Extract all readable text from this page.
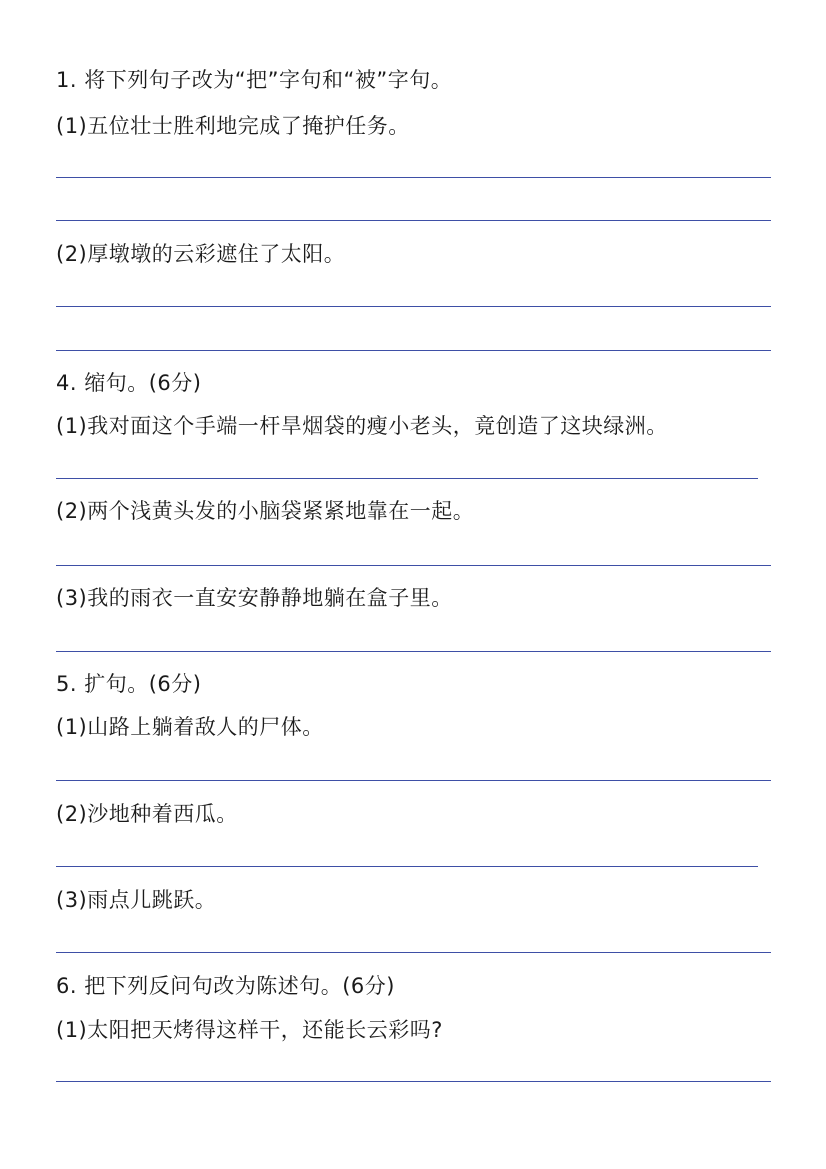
1. 将下列句子改为“把”字句和“被”字句。
(1)五位壮士胜利地完成了掩护任务。
(2)厚墩墩的云彩遮住了太阳。
4. 缩句。(6分)
(1)我对面这个手端一杆旱烟袋的瘦小老头，竟创造了这块绿洲。
(2)两个浅黄头发的小脑袋紧紧地靠在一起。
(3)我的雨衣一直安安静静地躺在盒子里。
5. 扩句。(6分)
(1)山路上躺着敌人的尸体。
(2)沙地种着西瓜。
(3)雨点儿跳跃。
6. 把下列反问句改为陈述句。(6分)
(1)太阳把天烤得这样干，还能长云彩吗?
